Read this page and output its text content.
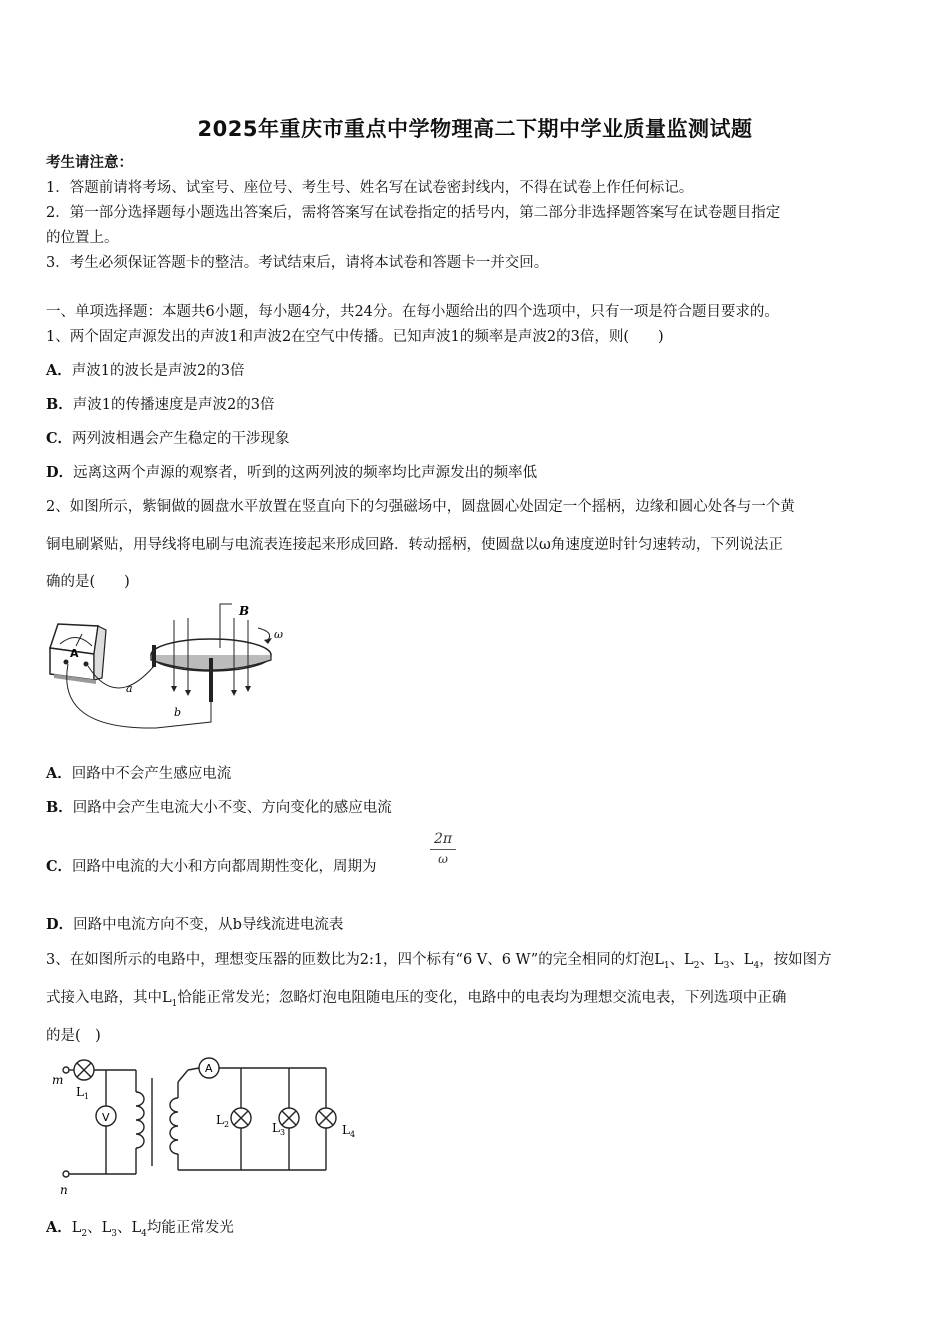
2025年重庆市重点中学物理高二下期中学业质量监测试题
考生请注意：
1．答题前请将考场、试室号、座位号、考生号、姓名写在试卷密封线内，不得在试卷上作任何标记。
2．第一部分选择题每小题选出答案后，需将答案写在试卷指定的括号内，第二部分非选择题答案写在试卷题目指定
的位置上。
3．考生必须保证答题卡的整洁。考试结束后，请将本试卷和答题卡一并交回。
一、单项选择题：本题共6小题，每小题4分，共24分。在每小题给出的四个选项中，只有一项是符合题目要求的。
1、两个固定声源发出的声波1和声波2在空气中传播。已知声波1的频率是声波2的3倍，则(　　)
A．声波1的波长是声波2的3倍
B．声波1的传播速度是声波2的3倍
C．两列波相遇会产生稳定的干涉现象
D．远离这两个声源的观察者，听到的这两列波的频率均比声源发出的频率低
2、如图所示，紫铜做的圆盘水平放置在竖直向下的匀强磁场中，圆盘圆心处固定一个摇柄，边缘和圆心处各与一个黄
铜电刷紧贴，用导线将电刷与电流表连接起来形成回路．转动摇柄，使圆盘以ω角速度逆时针匀速转动，下列说法正
确的是(　　)
A
B
ω
a
b
A．回路中不会产生感应电流
B．回路中会产生电流大小不变、方向变化的感应电流
C．回路中电流的大小和方向都周期性变化，周期为
2π
ω
D．回路中电流方向不变，从b导线流进电流表
3、在如图所示的电路中，理想变压器的匝数比为2:1，四个标有“6 V、6 W”的完全相同的灯泡$L_1$、$L_2$、$L_3$、$L_4$，按如图方
式接入电路，其中$L_1$恰能正常发光；忽略灯泡电阻随电压的变化，电路中的电表均为理想交流电表，下列选项中正确
的是(　)
m
n
V
A
$L_1$
$L_2$	$L_3$	$L_4$
A．$L_2$、$L_3$、$L_4$均能正常发光
